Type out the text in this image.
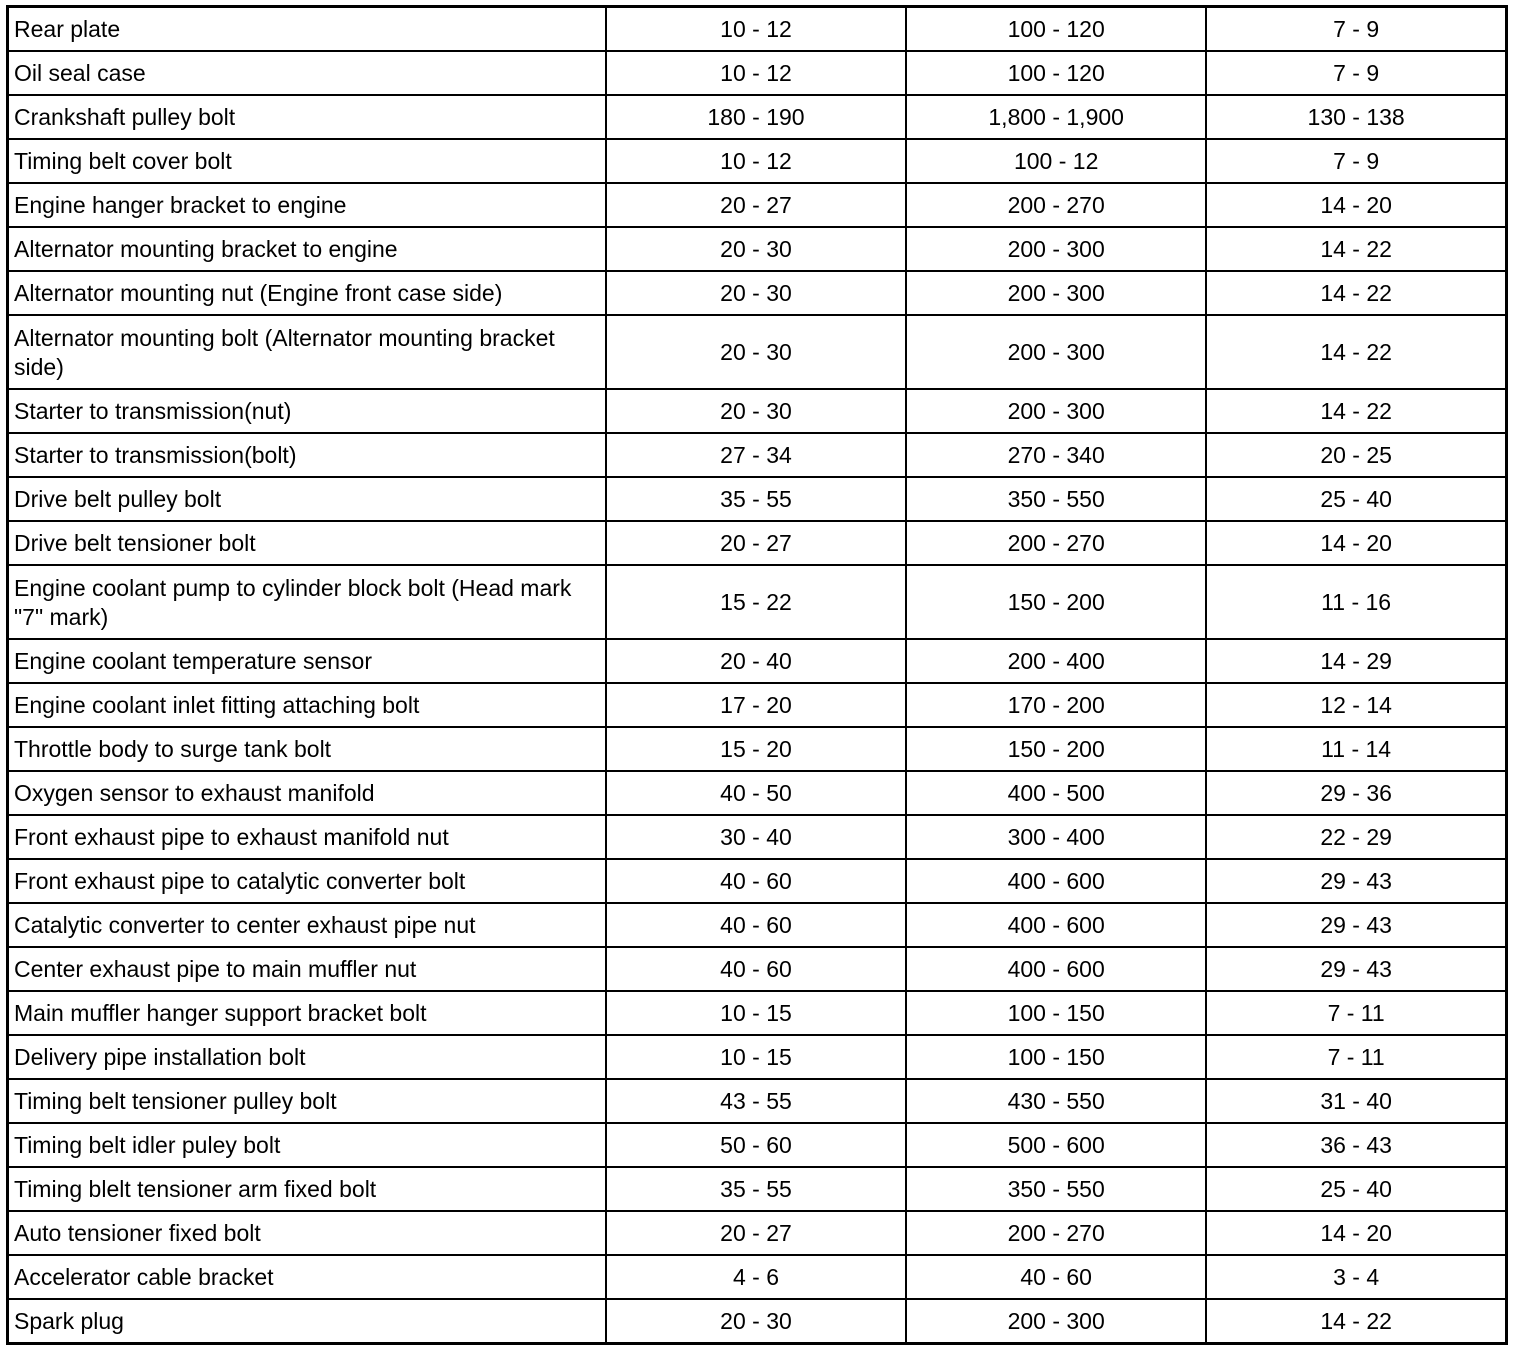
Rear plate	10 - 12	100 - 120	7 - 9
Oil seal case	10 - 12	100 - 120	7 - 9
Crankshaft pulley bolt	180 - 190	1,800 - 1,900	130 - 138
Timing belt cover bolt	10 - 12	100 - 12	7 - 9
Engine hanger bracket to engine	20 - 27	200 - 270	14 - 20
Alternator mounting bracket to engine	20 - 30	200 - 300	14 - 22
Alternator mounting nut (Engine front case side)	20 - 30	200 - 300	14 - 22
Alternator mounting bolt (Alternator mounting bracket side)	20 - 30	200 - 300	14 - 22
Starter to transmission(nut)	20 - 30	200 - 300	14 - 22
Starter to transmission(bolt)	27 - 34	270 - 340	20 - 25
Drive belt pulley bolt	35 - 55	350 - 550	25 - 40
Drive belt tensioner bolt	20 - 27	200 - 270	14 - 20
Engine coolant pump to cylinder block bolt (Head mark "7" mark)	15 - 22	150 - 200	11 - 16
Engine coolant temperature sensor	20 - 40	200 - 400	14 - 29
Engine coolant inlet fitting attaching bolt	17 - 20	170 - 200	12 - 14
Throttle body to surge tank bolt	15 - 20	150 - 200	11 - 14
Oxygen sensor to exhaust manifold	40 - 50	400 - 500	29 - 36
Front exhaust pipe to exhaust manifold nut	30 - 40	300 - 400	22 - 29
Front exhaust pipe to catalytic converter bolt	40 - 60	400 - 600	29 - 43
Catalytic converter to center exhaust pipe nut	40 - 60	400 - 600	29 - 43
Center exhaust pipe to main muffler nut	40 - 60	400 - 600	29 - 43
Main muffler hanger support bracket bolt	10 - 15	100 - 150	7 - 11
Delivery pipe installation bolt	10 - 15	100 - 150	7 - 11
Timing belt tensioner pulley bolt	43 - 55	430 - 550	31 - 40
Timing belt idler puley bolt	50 - 60	500 - 600	36 - 43
Timing blelt tensioner arm fixed bolt	35 - 55	350 - 550	25 - 40
Auto tensioner fixed bolt	20 - 27	200 - 270	14 - 20
Accelerator cable bracket	4 - 6	40 - 60	3 - 4
Spark plug	20 - 30	200 - 300	14 - 22
